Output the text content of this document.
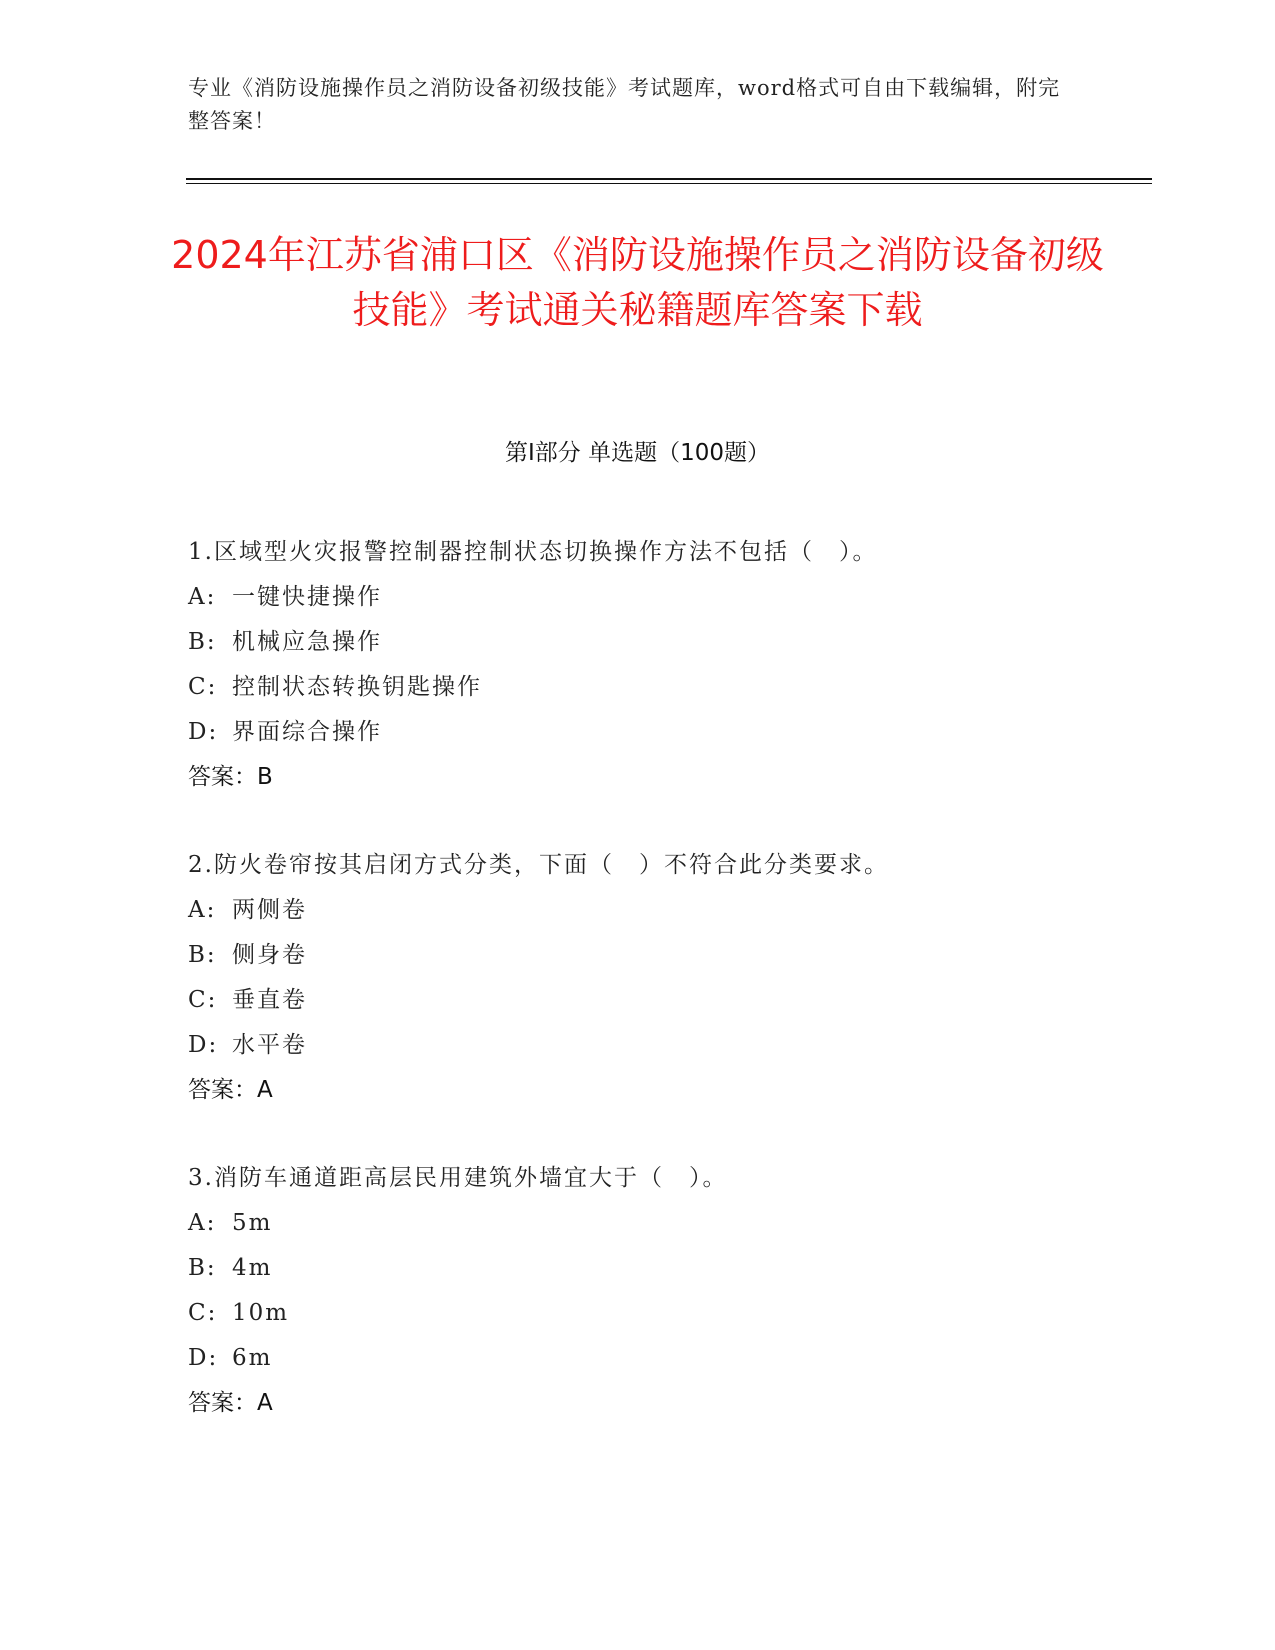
专业《消防设施操作员之消防设备初级技能》考试题库，word格式可自由下载编辑，附完整答案！
2024年江苏省浦口区《消防设施操作员之消防设备初级技能》考试通关秘籍题库答案下载
第Ⅰ部分 单选题（100题）
1.区域型火灾报警控制器控制状态切换操作方法不包括（　）。
A: 一键快捷操作
B: 机械应急操作
C: 控制状态转换钥匙操作
D: 界面综合操作
答案：B
2.防火卷帘按其启闭方式分类，下面（　）不符合此分类要求。
A: 两侧卷
B: 侧身卷
C: 垂直卷
D: 水平卷
答案：A
3.消防车通道距高层民用建筑外墙宜大于（　）。
A: 5m
B: 4m
C: 10m
D: 6m
答案：A
